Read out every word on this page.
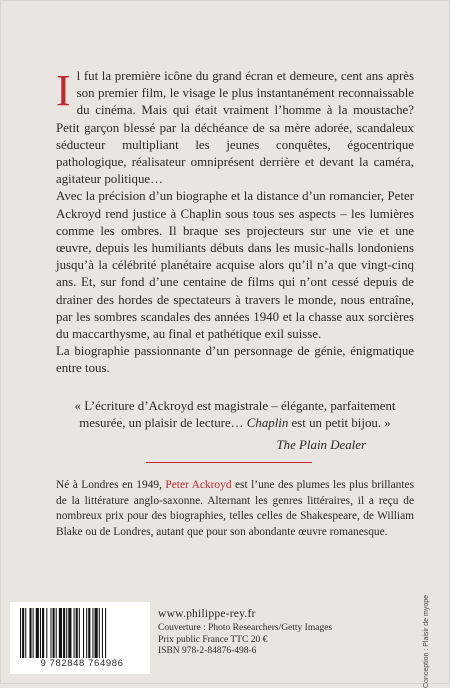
Il fut la première icône du grand écran et demeure, cent ans après son premier film, le visage le plus instantanément reconnaissable du cinéma. Mais qui était vraiment l’homme à la moustache? Petit garçon blessé par la déchéance de sa mère adorée, scandaleux séducteur multipliant les jeunes conquêtes, égocentrique pathologique, réalisateur omniprésent derrière et devant la caméra, agitateur politique…

Avec la précision d’un biographe et la distance d’un romancier, Peter Ackroyd rend justice à Chaplin sous tous ses aspects – les lumières comme les ombres. Il braque ses projecteurs sur une vie et une œuvre, depuis les humiliants débuts dans les music-halls londoniens jusqu’à la célébrité planétaire acquise alors qu’il n’a que vingt-cinq ans. Et, sur fond d’une centaine de films qui n’ont cessé depuis de drainer des hordes de spectateurs à travers le monde, nous entraîne, par les sombres scandales des années 1940 et la chasse aux sorcières du maccarthysme, au final et pathétique exil suisse.

La biographie passionnante d’un personnage de génie, énigmatique entre tous.

« L’écriture d’Ackroyd est magistrale – élégante, parfaitement mesurée, un plaisir de lecture… Chaplin est un petit bijou. »
The Plain Dealer
Né à Londres en 1949, Peter Ackroyd est l’une des plumes les plus brillantes de la littérature anglo-saxonne. Alternant les genres littéraires, il a reçu de nombreux prix pour des biographies, telles celles de Shakespeare, de William Blake ou de Londres, autant que pour son abondante œuvre romanesque.
9 782848 764986
www.philippe-rey.fr
Couverture : Photo Researchers/Getty Images
Prix public France TTC 20 €
ISBN 978-2-84876-498-6	Conception : Plaisir de myope
